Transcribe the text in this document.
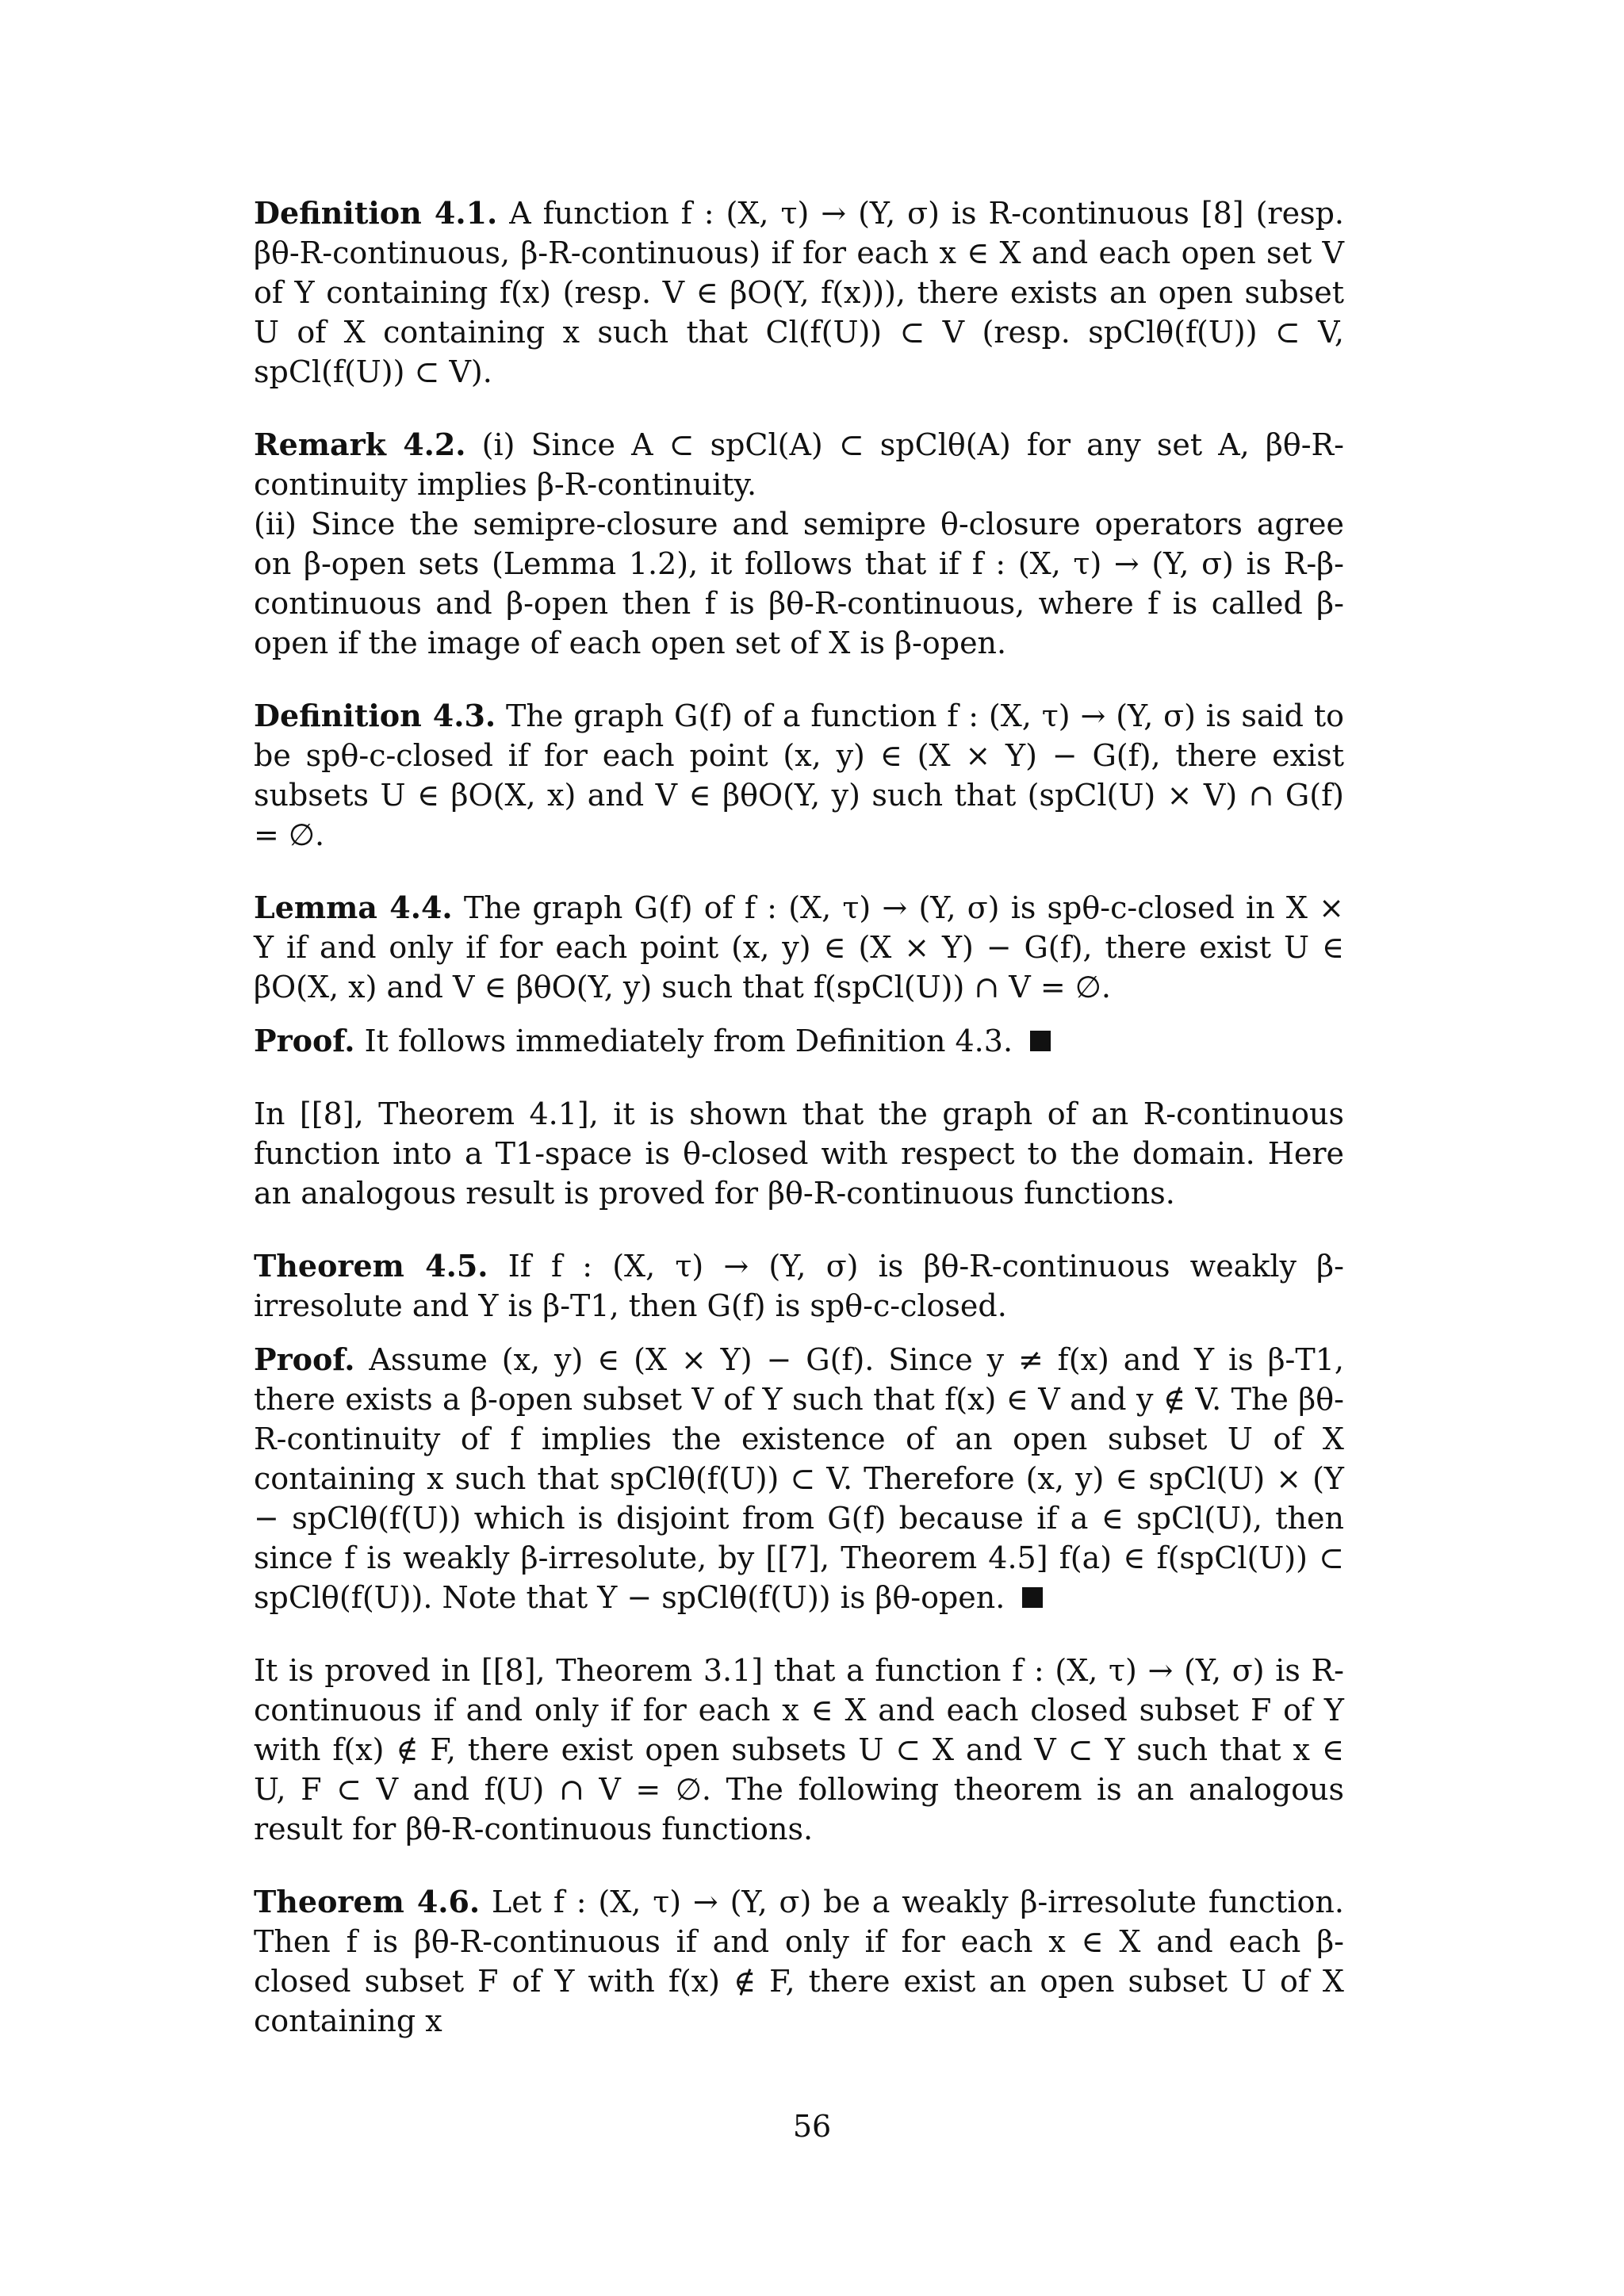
Definition 4.1. A function f : (X, τ) → (Y, σ) is R-continuous [8] (resp. βθ-R-continuous, β-R-continuous) if for each x ∈ X and each open set V of Y containing f(x) (resp. V ∈ βO(Y, f(x))), there exists an open subset U of X containing x such that Cl(f(U)) ⊂ V (resp. spClθ(f(U)) ⊂ V, spCl(f(U)) ⊂ V).

Remark 4.2. (i) Since A ⊂ spCl(A) ⊂ spClθ(A) for any set A, βθ-R-continuity implies β-R-continuity.
(ii) Since the semipre-closure and semipre θ-closure operators agree on β-open sets (Lemma 1.2), it follows that if f : (X, τ) → (Y, σ) is R-β-continuous and β-open then f is βθ-R-continuous, where f is called β-open if the image of each open set of X is β-open.

Definition 4.3. The graph G(f) of a function f : (X, τ) → (Y, σ) is said to be spθ-c-closed if for each point (x, y) ∈ (X × Y) − G(f), there exist subsets U ∈ βO(X, x) and V ∈ βθO(Y, y) such that (spCl(U) × V) ∩ G(f) = ∅.

Lemma 4.4. The graph G(f) of f : (X, τ) → (Y, σ) is spθ-c-closed in X × Y if and only if for each point (x, y) ∈ (X × Y) − G(f), there exist U ∈ βO(X, x) and V ∈ βθO(Y, y) such that f(spCl(U)) ∩ V = ∅.

Proof. It follows immediately from Definition 4.3.

In [[8], Theorem 4.1], it is shown that the graph of an R-continuous function into a T1-space is θ-closed with respect to the domain. Here an analogous result is proved for βθ-R-continuous functions.

Theorem 4.5. If f : (X, τ) → (Y, σ) is βθ-R-continuous weakly β-irresolute and Y is β-T1, then G(f) is spθ-c-closed.

Proof. Assume (x, y) ∈ (X × Y) − G(f). Since y ≠ f(x) and Y is β-T1, there exists a β-open subset V of Y such that f(x) ∈ V and y ∉ V. The βθ-R-continuity of f implies the existence of an open subset U of X containing x such that spClθ(f(U)) ⊂ V. Therefore (x, y) ∈ spCl(U) × (Y − spClθ(f(U)) which is disjoint from G(f) because if a ∈ spCl(U), then since f is weakly β-irresolute, by [[7], Theorem 4.5] f(a) ∈ f(spCl(U)) ⊂ spClθ(f(U)). Note that Y − spClθ(f(U)) is βθ-open.

It is proved in [[8], Theorem 3.1] that a function f : (X, τ) → (Y, σ) is R-continuous if and only if for each x ∈ X and each closed subset F of Y with f(x) ∉ F, there exist open subsets U ⊂ X and V ⊂ Y such that x ∈ U, F ⊂ V and f(U) ∩ V = ∅. The following theorem is an analogous result for βθ-R-continuous functions.

Theorem 4.6. Let f : (X, τ) → (Y, σ) be a weakly β-irresolute function. Then f is βθ-R-continuous if and only if for each x ∈ X and each β-closed subset F of Y with f(x) ∉ F, there exist an open subset U of X containing x

56
